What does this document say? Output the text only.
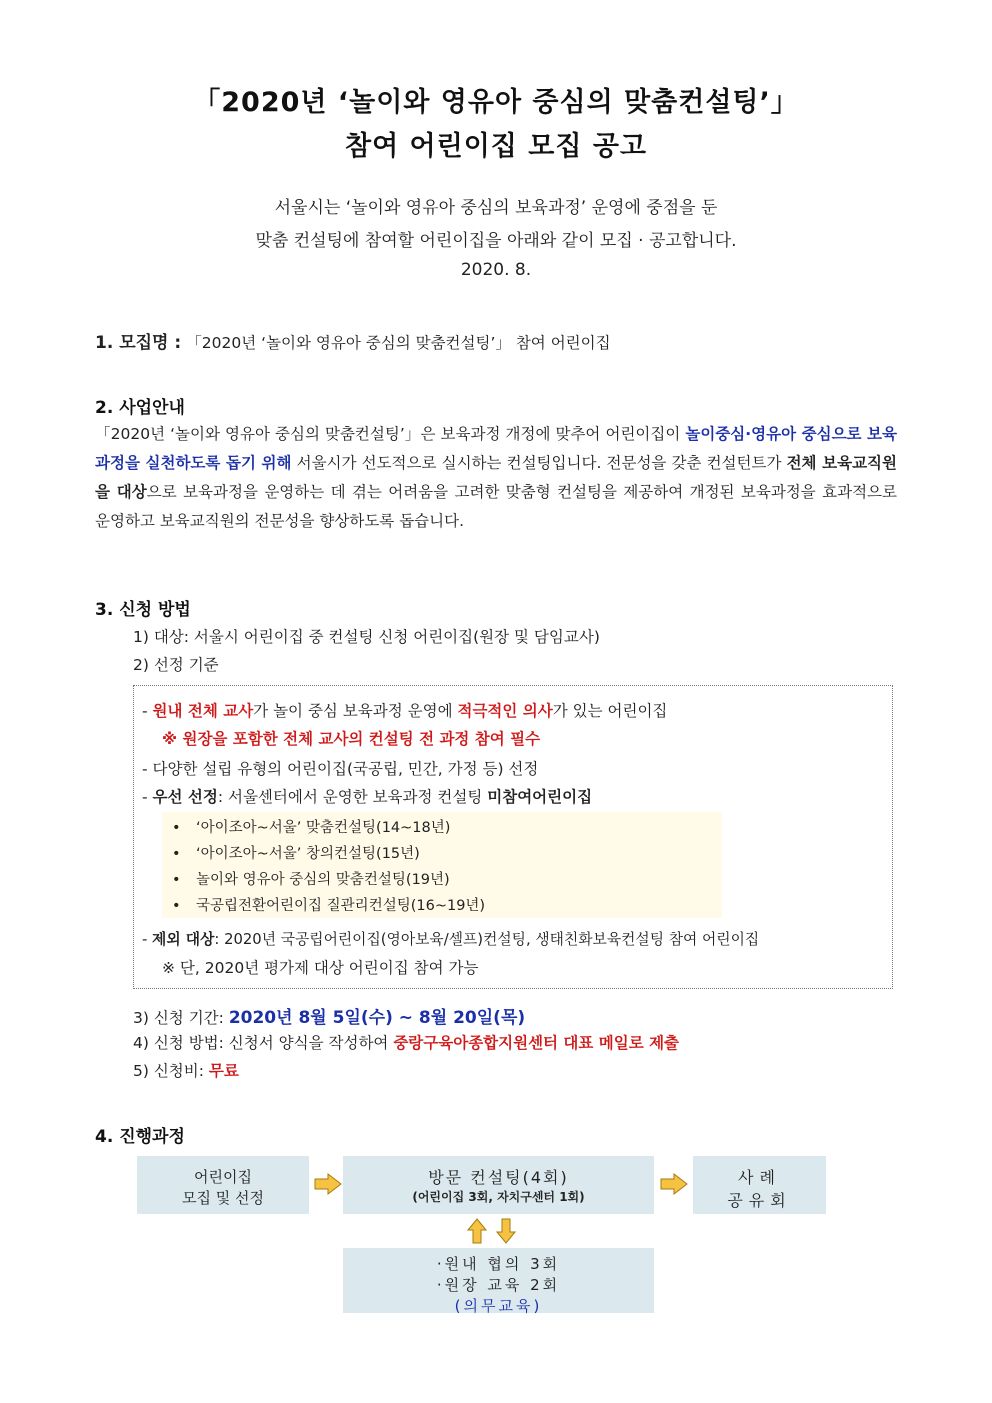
「2020년 ‘놀이와 영유아 중심의 맞춤컨설팅’」
참여 어린이집 모집 공고
서울시는 ‘놀이와 영유아 중심의 보육과정’ 운영에 중점을 둔
맞춤 컨설팅에 참여할 어린이집을 아래와 같이 모집 · 공고합니다.
2020. 8.
1. 모집명 : 「2020년 ‘놀이와 영유아 중심의 맞춤컨설팅’」 참여 어린이집
2. 사업안내
「2020년 ‘놀이와 영유아 중심의 맞춤컨설팅’」은 보육과정 개정에 맞추어 어린이집이 놀이중심·영유아 중심으로 보육과정을 실천하도록 돕기 위해 서울시가 선도적으로 실시하는 컨설팅입니다. 전문성을 갖춘 컨설턴트가 전체 보육교직원을 대상으로 보육과정을 운영하는 데 겪는 어려움을 고려한 맞춤형 컨설팅을 제공하여 개정된 보육과정을 효과적으로 운영하고 보육교직원의 전문성을 향상하도록 돕습니다.
3. 신청 방법
1) 대상: 서울시 어린이집 중 컨설팅 신청 어린이집(원장 및 담임교사)
2) 선정 기준
- 원내 전체 교사가 놀이 중심 보육과정 운영에 적극적인 의사가 있는 어린이집
※ 원장을 포함한 전체 교사의 컨설팅 전 과정 참여 필수
- 다양한 설립 유형의 어린이집(국공립, 민간, 가정 등) 선정
- 우선 선정: 서울센터에서 운영한 보육과정 컨설팅 미참여어린이집
• ‘아이조아~서울’ 맞춤컨설팅(14~18년)
• ‘아이조아~서울’ 창의컨설팅(15년)
• 놀이와 영유아 중심의 맞춤컨설팅(19년)
• 국공립전환어린이집 질관리컨설팅(16~19년)
- 제외 대상: 2020년 국공립어린이집(영아보육/셀프)컨설팅, 생태친화보육컨설팅 참여 어린이집
※ 단, 2020년 평가제 대상 어린이집 참여 가능
3) 신청 기간: 2020년 8월 5일(수) ~ 8월 20일(목)
4) 신청 방법: 신청서 양식을 작성하여 중랑구육아종합지원센터 대표 메일로 제출
5) 신청비: 무료
4. 진행과정
어린이집
모집 및 선정
방문 컨설팅(4회)
(어린이집 3회, 자치구센터 1회)
사례
공유회
·원내 협의 3회
·원장 교육 2회
(의무교육)
